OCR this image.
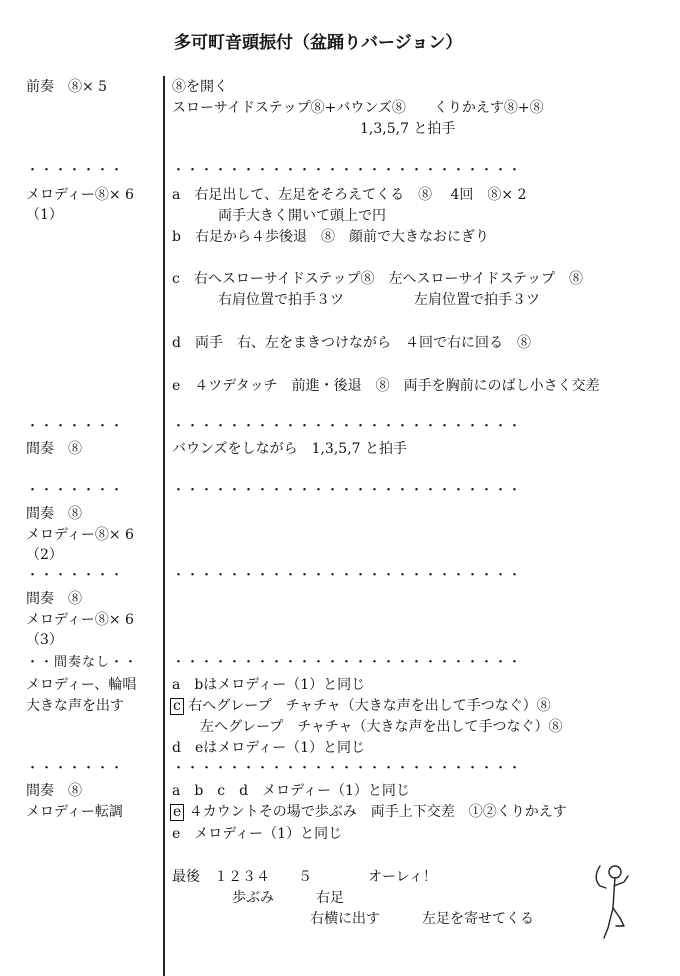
多可町音頭振付（盆踊りバージョン）
前奏　⑧× 5
・・・・・・・
メロディー⑧× 6
（1）
・・・・・・・
間奏　⑧
・・・・・・・
間奏　⑧
メロディー⑧× 6
（2）
・・・・・・・
間奏　⑧
メロディー⑧× 6
（3）
・・間奏なし・・
メロディー、輪唱
大きな声を出す
・・・・・・・
間奏　⑧
メロディー転調
⑧を開く
スローサイドステップ⑧+バウンズ⑧　　くりかえす⑧+⑧
1,3,5,7 と拍手
・・・・・・・・・・・・・・・・・・・・・・・・・
a　右足出して、左足をそろえてくる　⑧　 4回　⑧× 2
両手大きく開いて頭上で円
b　右足から４歩後退　⑧　顔前で大きなおにぎり
c　右へスローサイドステップ⑧　左へスローサイドステップ　⑧
右肩位置で拍手３ツ　　　　　左肩位置で拍手３ツ
d　両手　右、左をまきつけながら　４回で右に回る　⑧
e　４ツデタッチ　前進・後退　⑧　両手を胸前にのばし小さく交差
・・・・・・・・・・・・・・・・・・・・・・・・・
バウンズをしながら　1,3,5,7 と拍手
・・・・・・・・・・・・・・・・・・・・・・・・・
・・・・・・・・・・・・・・・・・・・・・・・・・
・・・・・・・・・・・・・・・・・・・・・・・・・
a　bはメロディー（1）と同じ
c 右へグレープ　チャチャ（大きな声を出して手つなぐ）⑧
左へグレープ　チャチャ（大きな声を出して手つなぐ）⑧
d　eはメロディー（1）と同じ
・・・・・・・・・・・・・・・・・・・・・・・・・
a　b　c　d　メロディー（1）と同じ
e ４カウントその場で歩ぶみ　両手上下交差　①②くりかえす
e　メロディー（1）と同じ
最後　１２３４　　５　　　　オーレィ！
歩ぶみ　　　右足
右横に出す　　　左足を寄せてくる
